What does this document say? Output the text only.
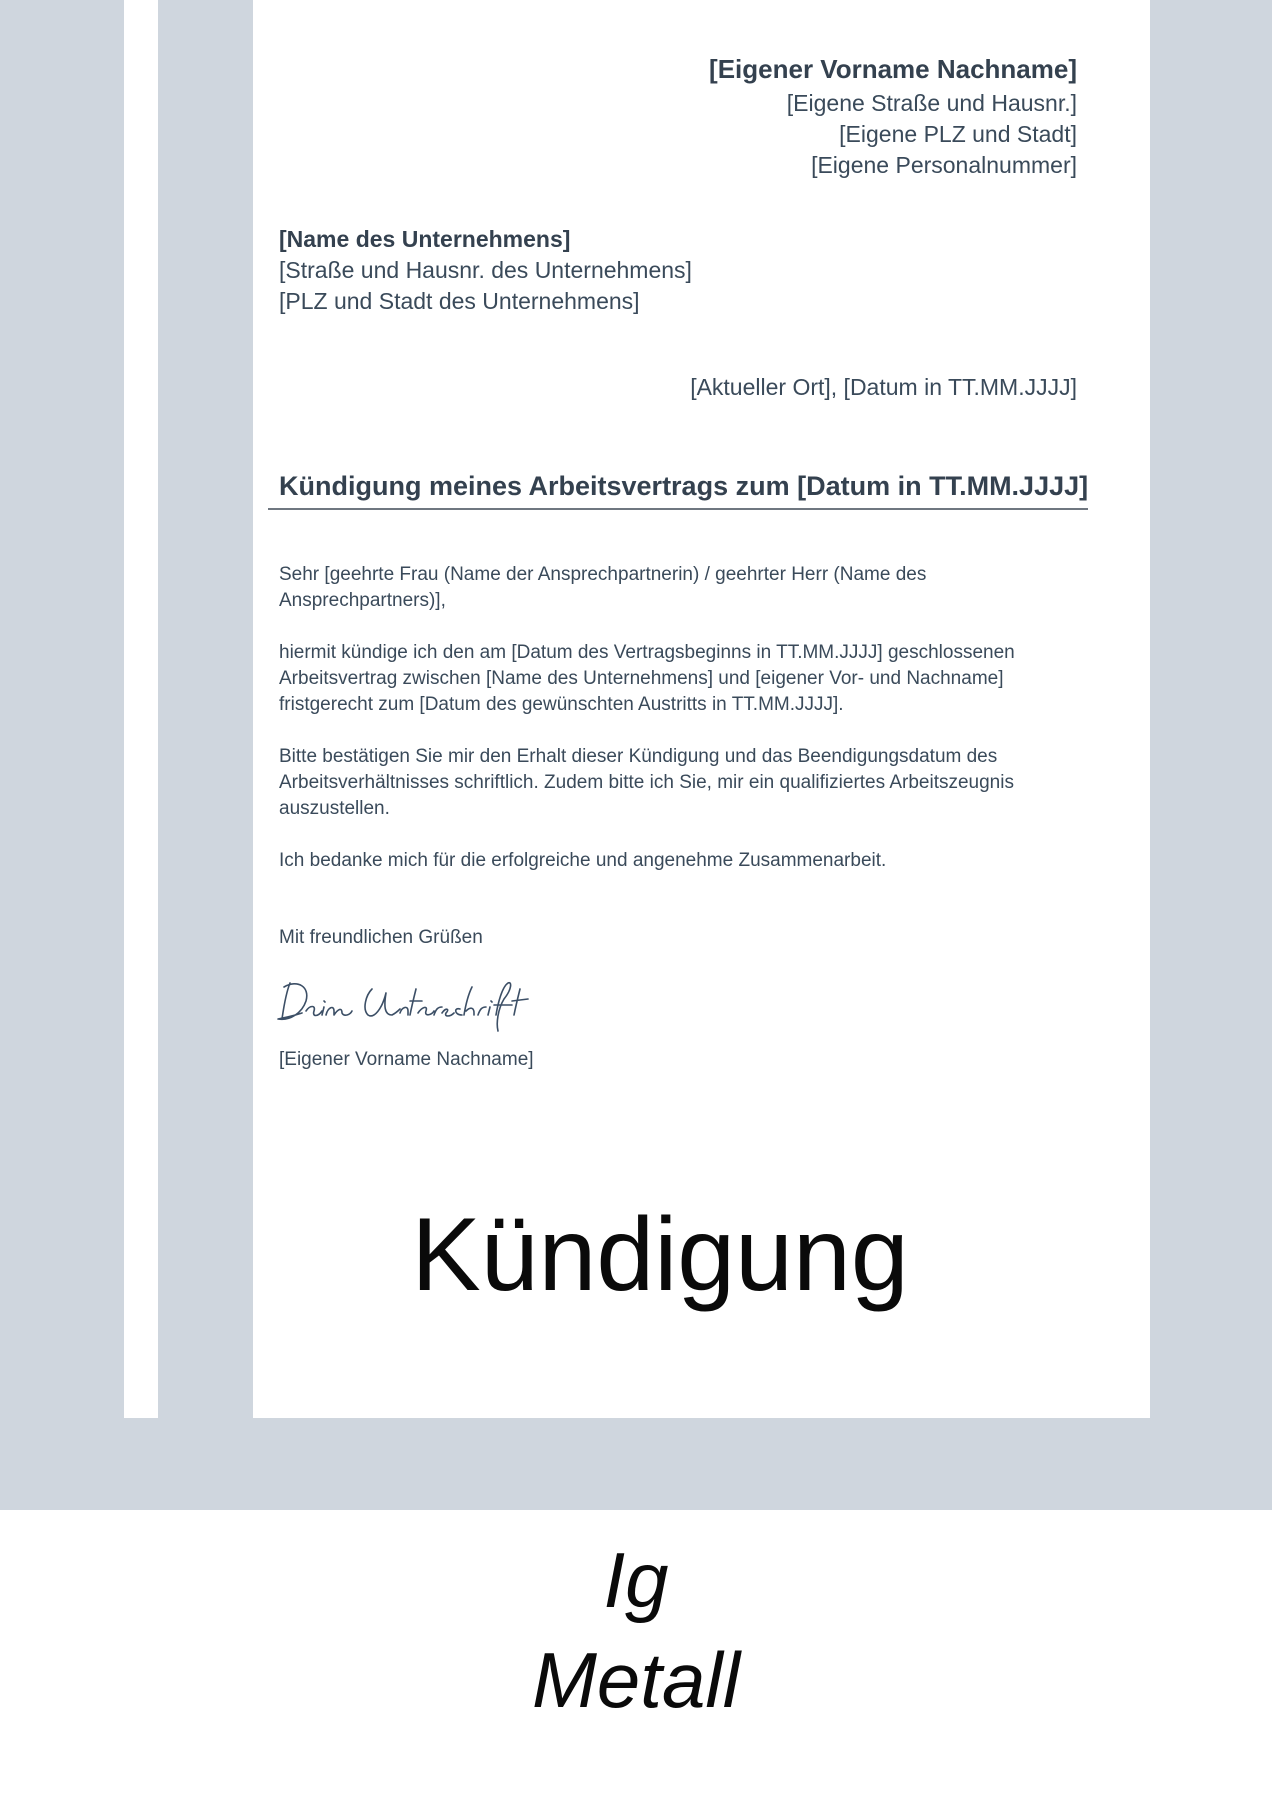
[Eigener Vorname Nachname]
[Eigene Straße und Hausnr.]
[Eigene PLZ und Stadt]
[Eigene Personalnummer]
[Name des Unternehmens]
[Straße und Hausnr. des Unternehmens]
[PLZ und Stadt des Unternehmens]
[Aktueller Ort], [Datum in TT.MM.JJJJ]
Kündigung meines Arbeitsvertrags zum [Datum in TT.MM.JJJJ]

Sehr [geehrte Frau (Name der Ansprechpartnerin) / geehrter Herr (Name des Ansprechpartners)],

hiermit kündige ich den am [Datum des Vertragsbeginns in TT.MM.JJJJ] geschlossenen Arbeitsvertrag zwischen [Name des Unternehmens] und [eigener Vor- und Nachname] fristgerecht zum [Datum des gewünschten Austritts in TT.MM.JJJJ].

Bitte bestätigen Sie mir den Erhalt dieser Kündigung und das Beendigungsdatum des Arbeitsverhältnisses schriftlich. Zudem bitte ich Sie, mir ein qualifiziertes Arbeitszeugnis auszustellen.

Ich bedanke mich für die erfolgreiche und angenehme Zusammenarbeit.

Mit freundlichen Grüßen
[Eigener Vorname Nachname]
Kündigung
Ig
Metall
